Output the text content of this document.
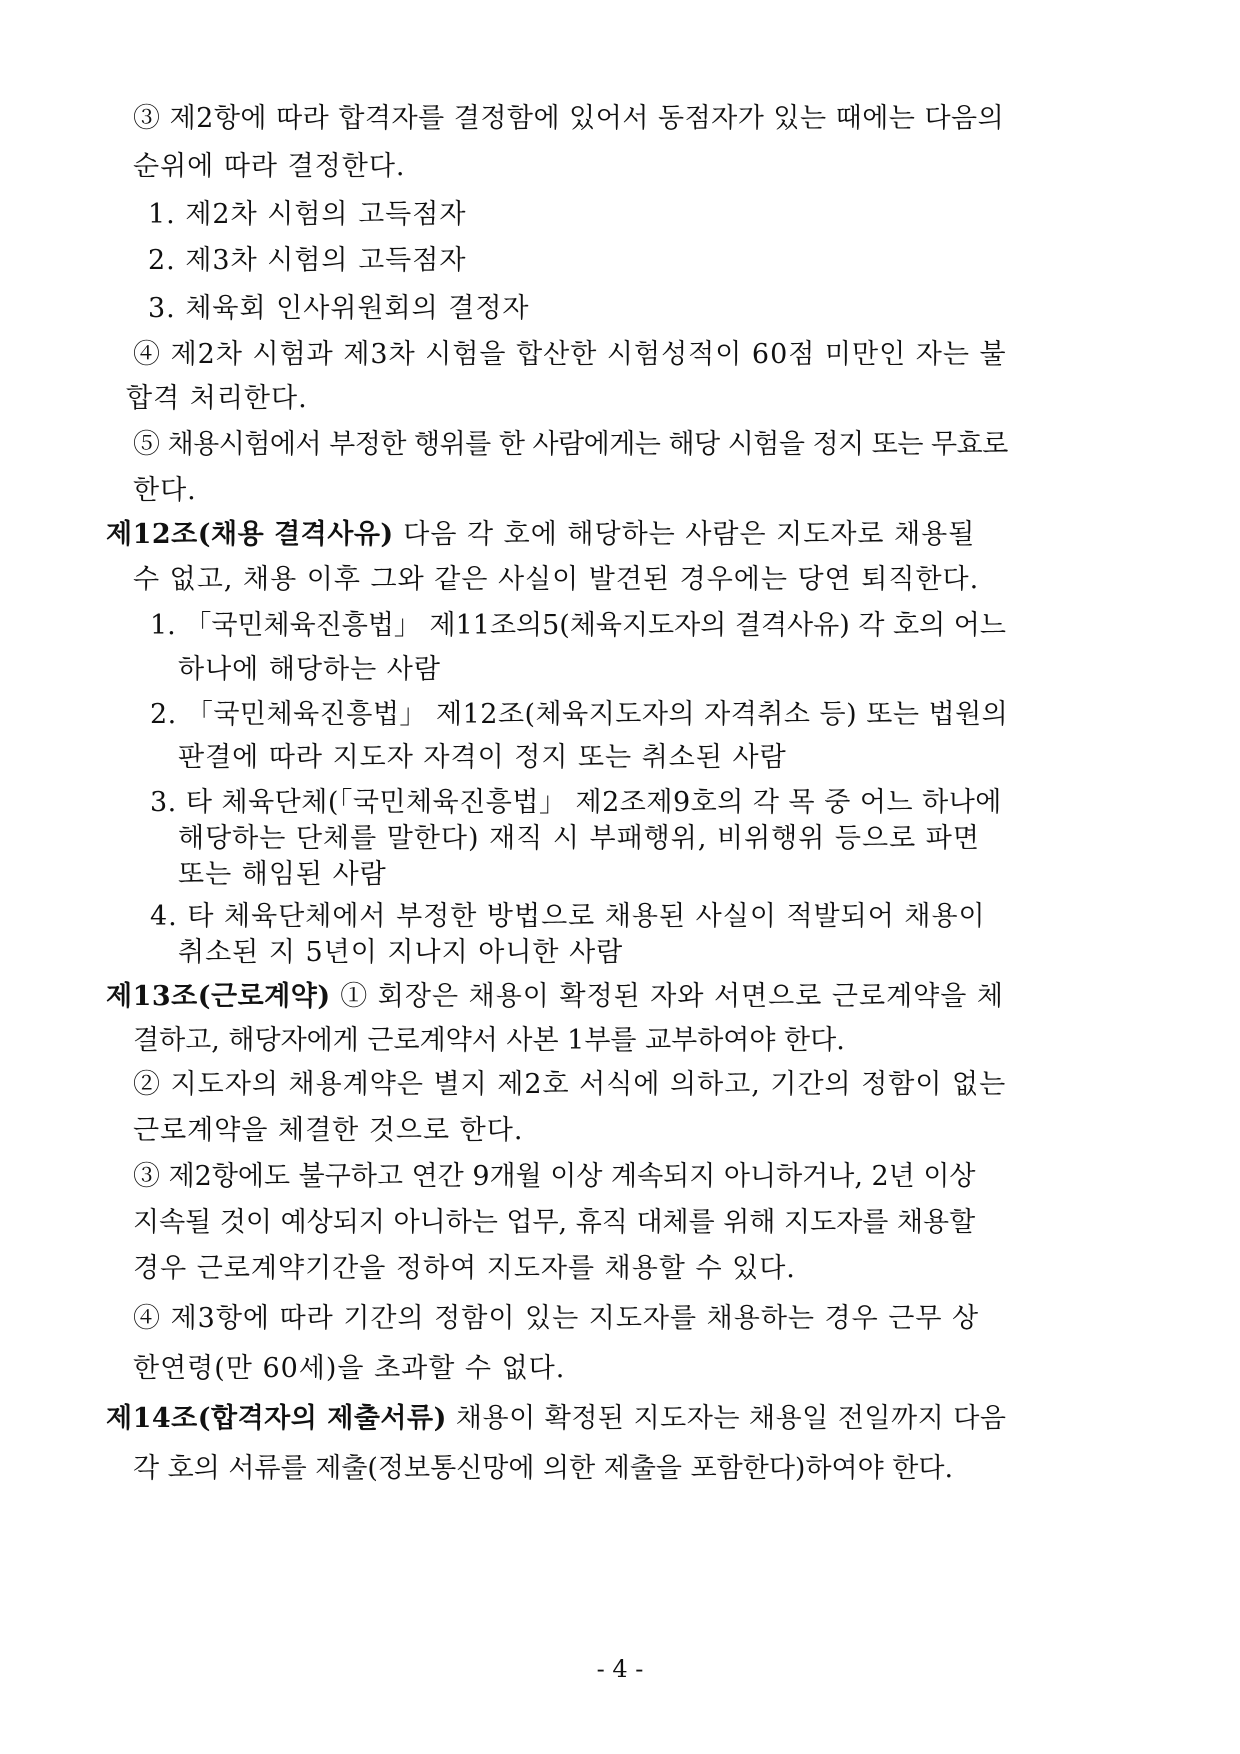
③ 제2항에 따라 합격자를 결정함에 있어서 동점자가 있는 때에는 다음의
순위에 따라 결정한다.
1. 제2차 시험의 고득점자
2. 제3차 시험의 고득점자
3. 체육회 인사위원회의 결정자
④ 제2차 시험과 제3차 시험을 합산한 시험성적이 60점 미만인 자는 불
합격 처리한다.
⑤ 채용시험에서 부정한 행위를 한 사람에게는 해당 시험을 정지 또는 무효로
한다.
제12조(채용 결격사유) 다음 각 호에 해당하는 사람은 지도자로 채용될
수 없고, 채용 이후 그와 같은 사실이 발견된 경우에는 당연 퇴직한다.
1. 「국민체육진흥법」 제11조의5(체육지도자의 결격사유) 각 호의 어느
하나에 해당하는 사람
2. 「국민체육진흥법」 제12조(체육지도자의 자격취소 등) 또는 법원의
판결에 따라 지도자 자격이 정지 또는 취소된 사람
3. 타 체육단체(「국민체육진흥법」 제2조제9호의 각 목 중 어느 하나에
해당하는 단체를 말한다) 재직 시 부패행위, 비위행위 등으로 파면
또는 해임된 사람
4. 타 체육단체에서 부정한 방법으로 채용된 사실이 적발되어 채용이
취소된 지 5년이 지나지 아니한 사람
제13조(근로계약) ① 회장은 채용이 확정된 자와 서면으로 근로계약을 체
결하고, 해당자에게 근로계약서 사본 1부를 교부하여야 한다.
② 지도자의 채용계약은 별지 제2호 서식에 의하고, 기간의 정함이 없는
근로계약을 체결한 것으로 한다.
③ 제2항에도 불구하고 연간 9개월 이상 계속되지 아니하거나, 2년 이상
지속될 것이 예상되지 아니하는 업무, 휴직 대체를 위해 지도자를 채용할
경우 근로계약기간을 정하여 지도자를 채용할 수 있다.
④ 제3항에 따라 기간의 정함이 있는 지도자를 채용하는 경우 근무 상
한연령(만 60세)을 초과할 수 없다.
제14조(합격자의 제출서류) 채용이 확정된 지도자는 채용일 전일까지 다음
각 호의 서류를 제출(정보통신망에 의한 제출을 포함한다)하여야 한다.
- 4 -
